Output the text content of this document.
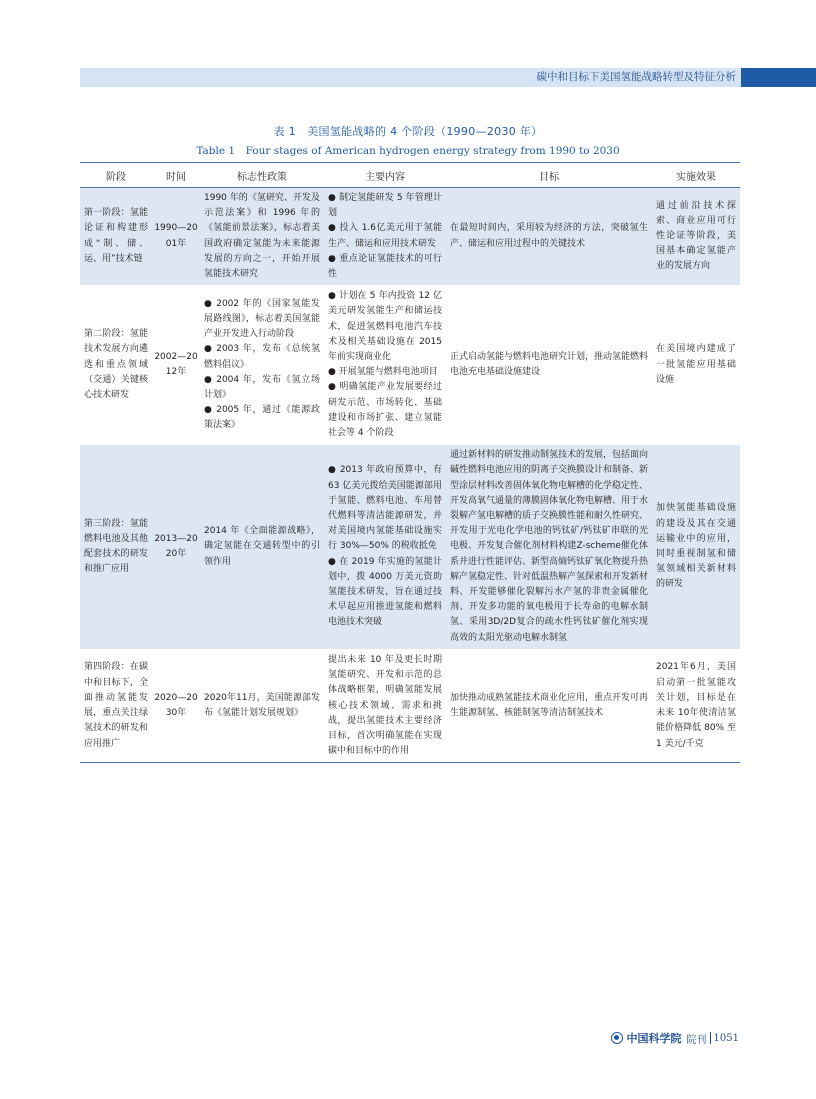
碳中和目标下美国氢能战略转型及特征分析
表 1　美国氢能战略的 4 个阶段（1990—2030 年）
Table 1　Four stages of American hydrogen energy strategy from 1990 to 2030
阶段	时间	标志性政策	主要内容	目标	实施效果
第一阶段：氢能论证和构建形成“制、储、运、用”技术链	1990—2001年	1990 年的《氢研究、开发及示范法案》和 1996 年的《氢能前景法案》，标志着美国政府确定氢能为未来能源发展的方向之一，开始开展氢能技术研究	● 制定氢能研发 5 年管理计划
● 投入 1.6亿美元用于氢能生产、储运和应用技术研发
● 重点论证氢能技术的可行性	在最短时间内，采用较为经济的方法，突破氢生产、储运和应用过程中的关键技术	通过前沿技术探索、商业应用可行性论证等阶段，美国基本确定氢能产业的发展方向
第二阶段：氢能技术发展方向遴选和重点领域（交通）关键核心技术研发	2002—2012年	● 2002 年的《国家氢能发展路线图》，标志着美国氢能产业开发进入行动阶段
● 2003 年，发布《总统氢燃料倡议》
● 2004 年，发布《氢立场计划》
● 2005 年，通过《能源政策法案》	● 计划在 5 年内投资 12 亿美元研发氢能生产和储运技术，促进氢燃料电池汽车技术及相关基础设施在 2015 年前实现商业化
● 开展氢能与燃料电池项目
● 明确氢能产业发展要经过研发示范、市场转化、基础建设和市场扩张、建立氢能社会等 4 个阶段	正式启动氢能与燃料电池研究计划，推动氢能燃料电池充电基础设施建设	在美国境内建成了一批氢能应用基础设施
第三阶段：氢能燃料电池及其他配套技术的研发和推广应用	2013—2020年	2014 年《全面能源战略》，确定氢能在交通转型中的引领作用	● 2013 年政府预算中，有 63 亿美元拨给美国能源部用于氢能、燃料电池、车用替代燃料等清洁能源研发，并对美国境内氢能基础设施实行 30%—50% 的税收抵免
● 在 2019 年实施的氢能计划中，拨 4000 万美元资助氢能技术研发，旨在通过技术早起应用推进氢能和燃料电池技术突破	通过新材料的研发推动制氢技术的发展，包括面向碱性燃料电池应用的阴离子交换膜设计和制备、新型涂层材料改善固体氧化物电解槽的化学稳定性、开发高氧气通量的薄膜固体氧化物电解槽、用于水裂解产氢电解槽的质子交换膜性能和耐久性研究、开发用于光电化学电池的钙钛矿/钙钛矿串联的光电极、开发复合催化剂材料构建Z-scheme催化体系并进行性能评估、新型高熵钙钛矿氧化物提升热解产氢稳定性、针对低温热解产氢探索和开发新材料、开发能够催化裂解污水产氢的非贵金属催化剂、开发多功能的氧电极用于长寿命的电解水制氢、采用3D/2D复合的疏水性钙钛矿催化剂实现高效的太阳光驱动电解水制氢	加快氢能基础设施的建设及其在交通运输业中的应用，同时重视制氢和储氢领域相关新材料的研发
第四阶段：在碳中和目标下，全面推动氢能发展，重点关注绿氢技术的研发和应用推广	2020—2030年	2020年11月，美国能源部发布《氢能计划发展规划》	提出未来 10 年及更长时期氢能研究、开发和示范的总体战略框架，明确氢能发展核心技术领域、需求和挑战，提出氢能技术主要经济目标，首次明确氢能在实现碳中和目标中的作用	加快推动成熟氢能技术商业化应用，重点开发可再生能源制氢、核能制氢等清洁制氢技术	2021年6月，美国启动第一批氢能攻关计划，目标是在未来 10年使清洁氢能价格降低 80% 至 1 美元/千克
中国科学院 院刊 1051
